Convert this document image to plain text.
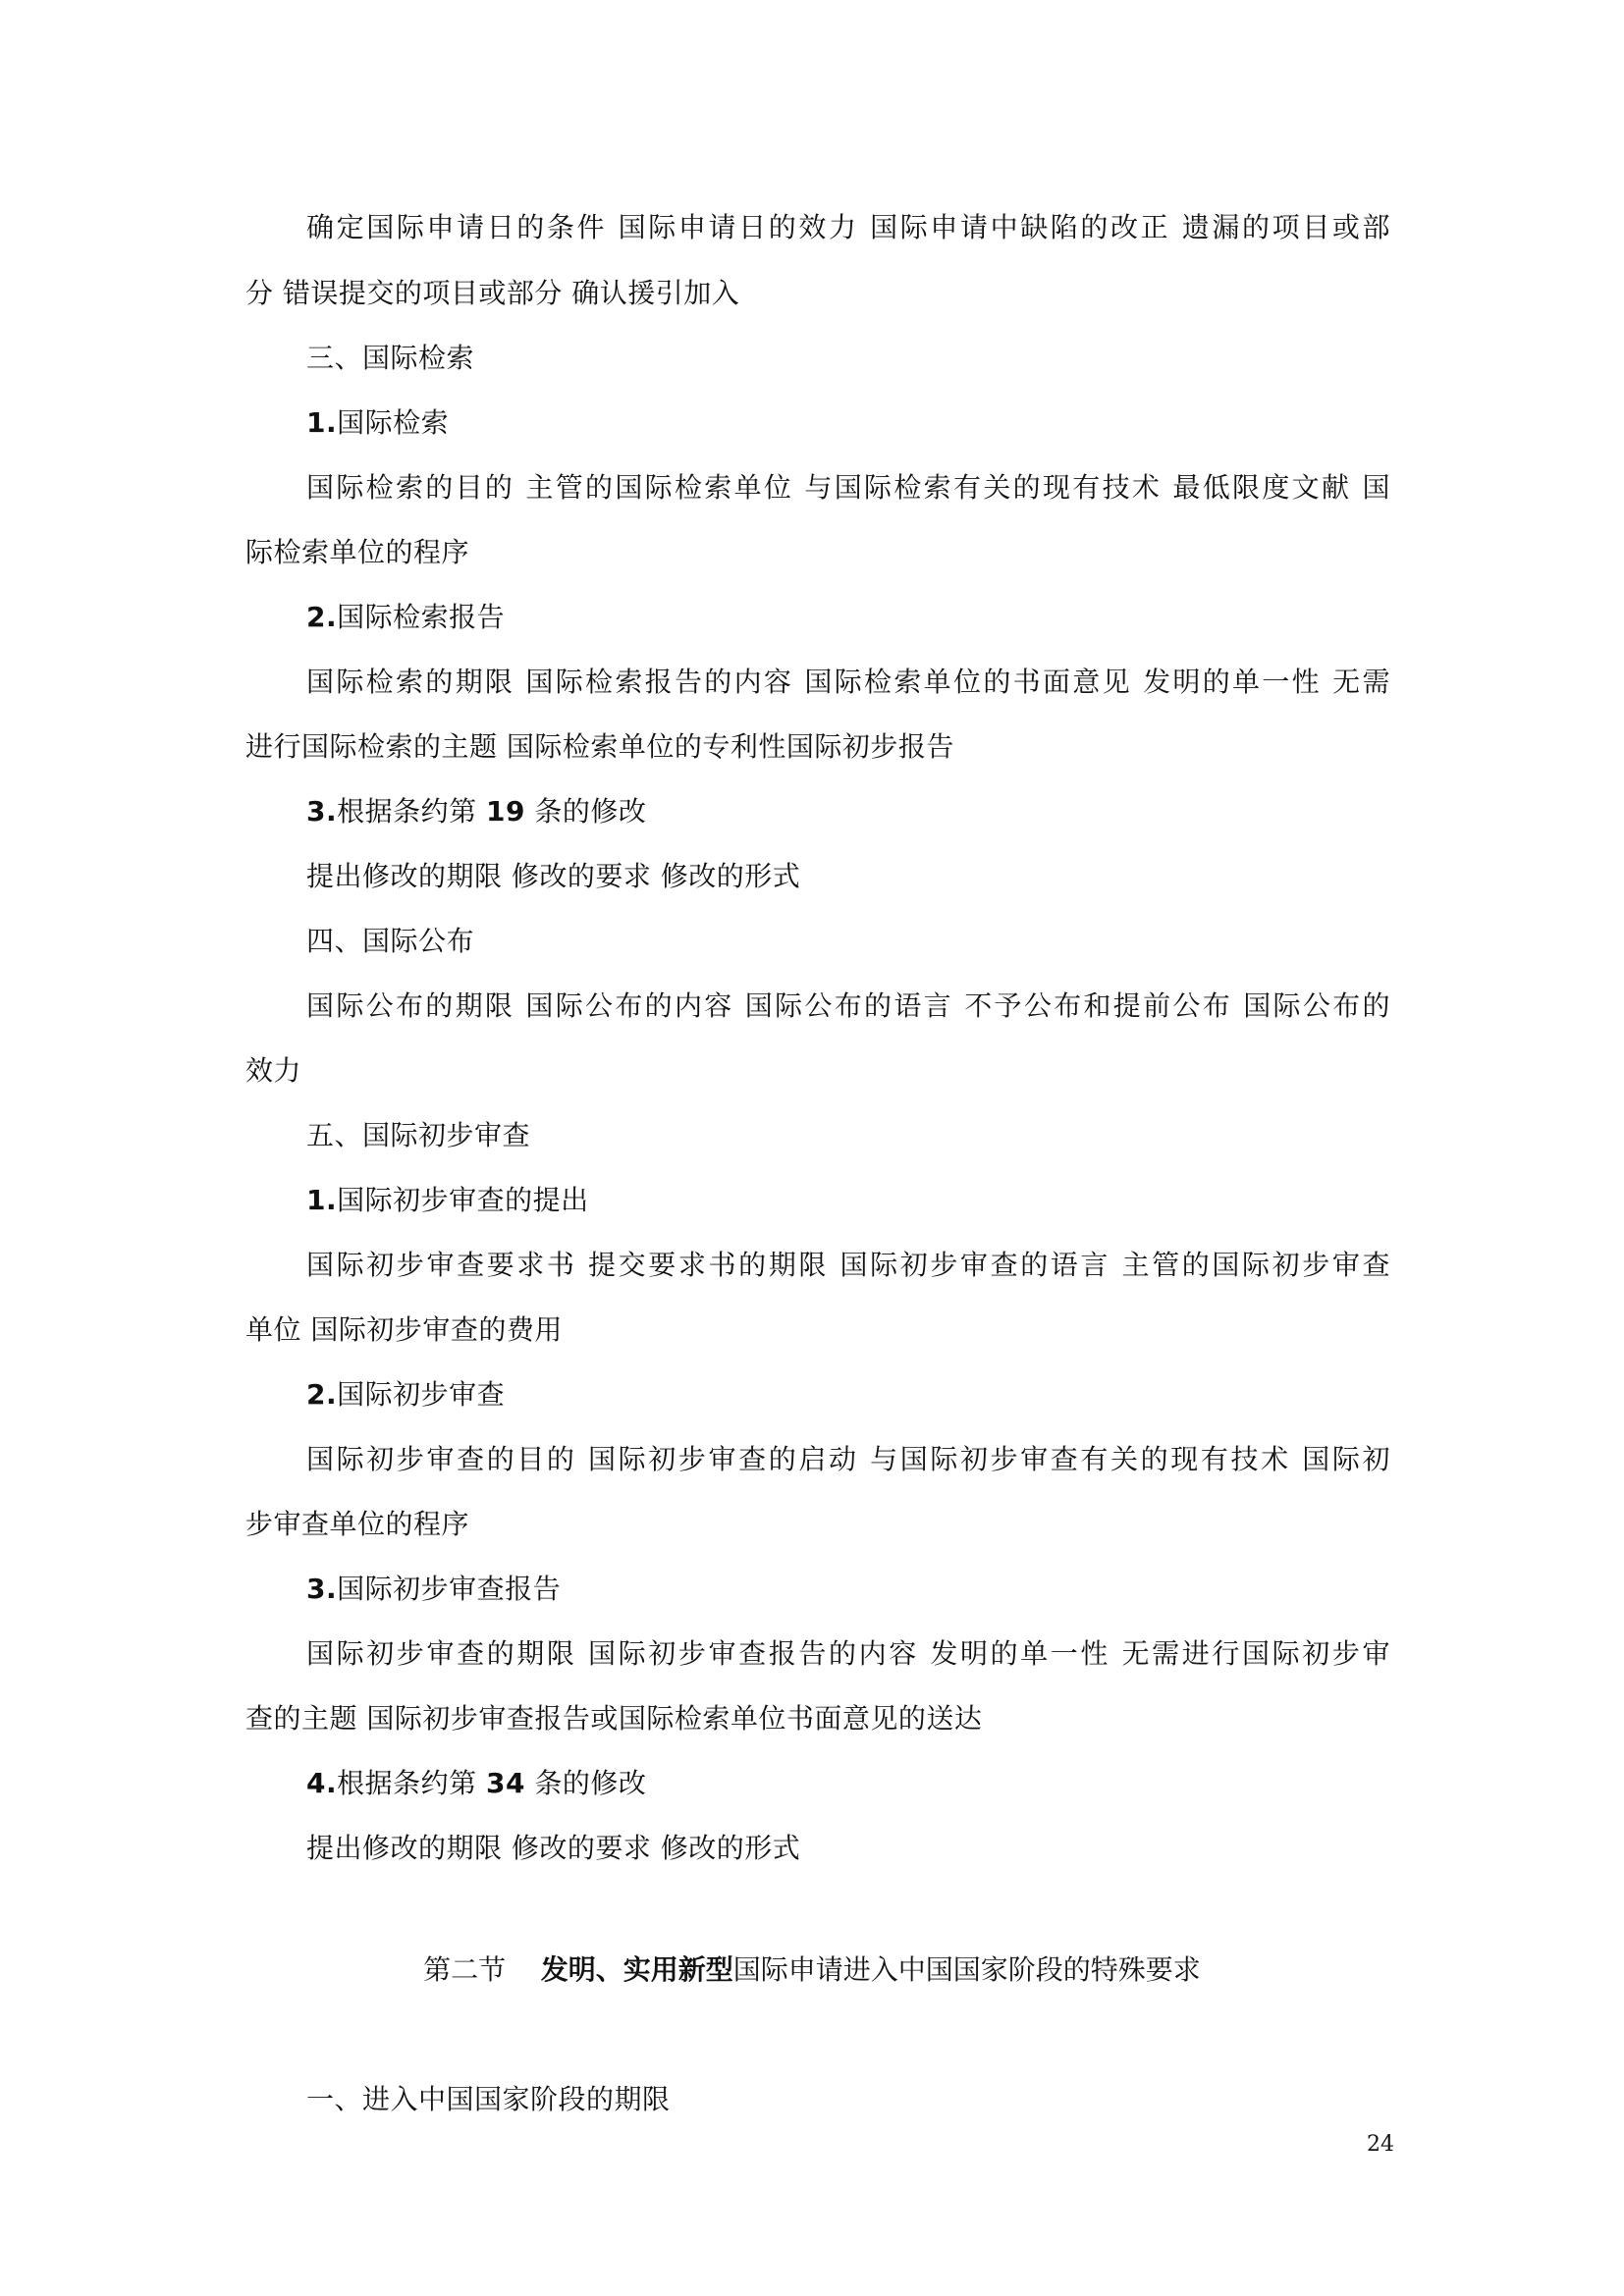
确定国际申请日的条件 国际申请日的效力 国际申请中缺陷的改正 遗漏的项目或部
分 错误提交的项目或部分 确认援引加入
三、国际检索
1.国际检索
国际检索的目的 主管的国际检索单位 与国际检索有关的现有技术 最低限度文献 国
际检索单位的程序
2.国际检索报告
国际检索的期限 国际检索报告的内容 国际检索单位的书面意见 发明的单一性 无需
进行国际检索的主题 国际检索单位的专利性国际初步报告
3.根据条约第 19 条的修改
提出修改的期限 修改的要求 修改的形式
四、国际公布
国际公布的期限 国际公布的内容 国际公布的语言 不予公布和提前公布 国际公布的
效力
五、国际初步审查
1.国际初步审查的提出
国际初步审查要求书 提交要求书的期限 国际初步审查的语言 主管的国际初步审查
单位 国际初步审查的费用
2.国际初步审查
国际初步审查的目的 国际初步审查的启动 与国际初步审查有关的现有技术 国际初
步审查单位的程序
3.国际初步审查报告
国际初步审查的期限 国际初步审查报告的内容 发明的单一性 无需进行国际初步审
查的主题 国际初步审查报告或国际检索单位书面意见的送达
4.根据条约第 34 条的修改
提出修改的期限 修改的要求 修改的形式
第二节    发明、实用新型国际申请进入中国国家阶段的特殊要求
一、进入中国国家阶段的期限
24
